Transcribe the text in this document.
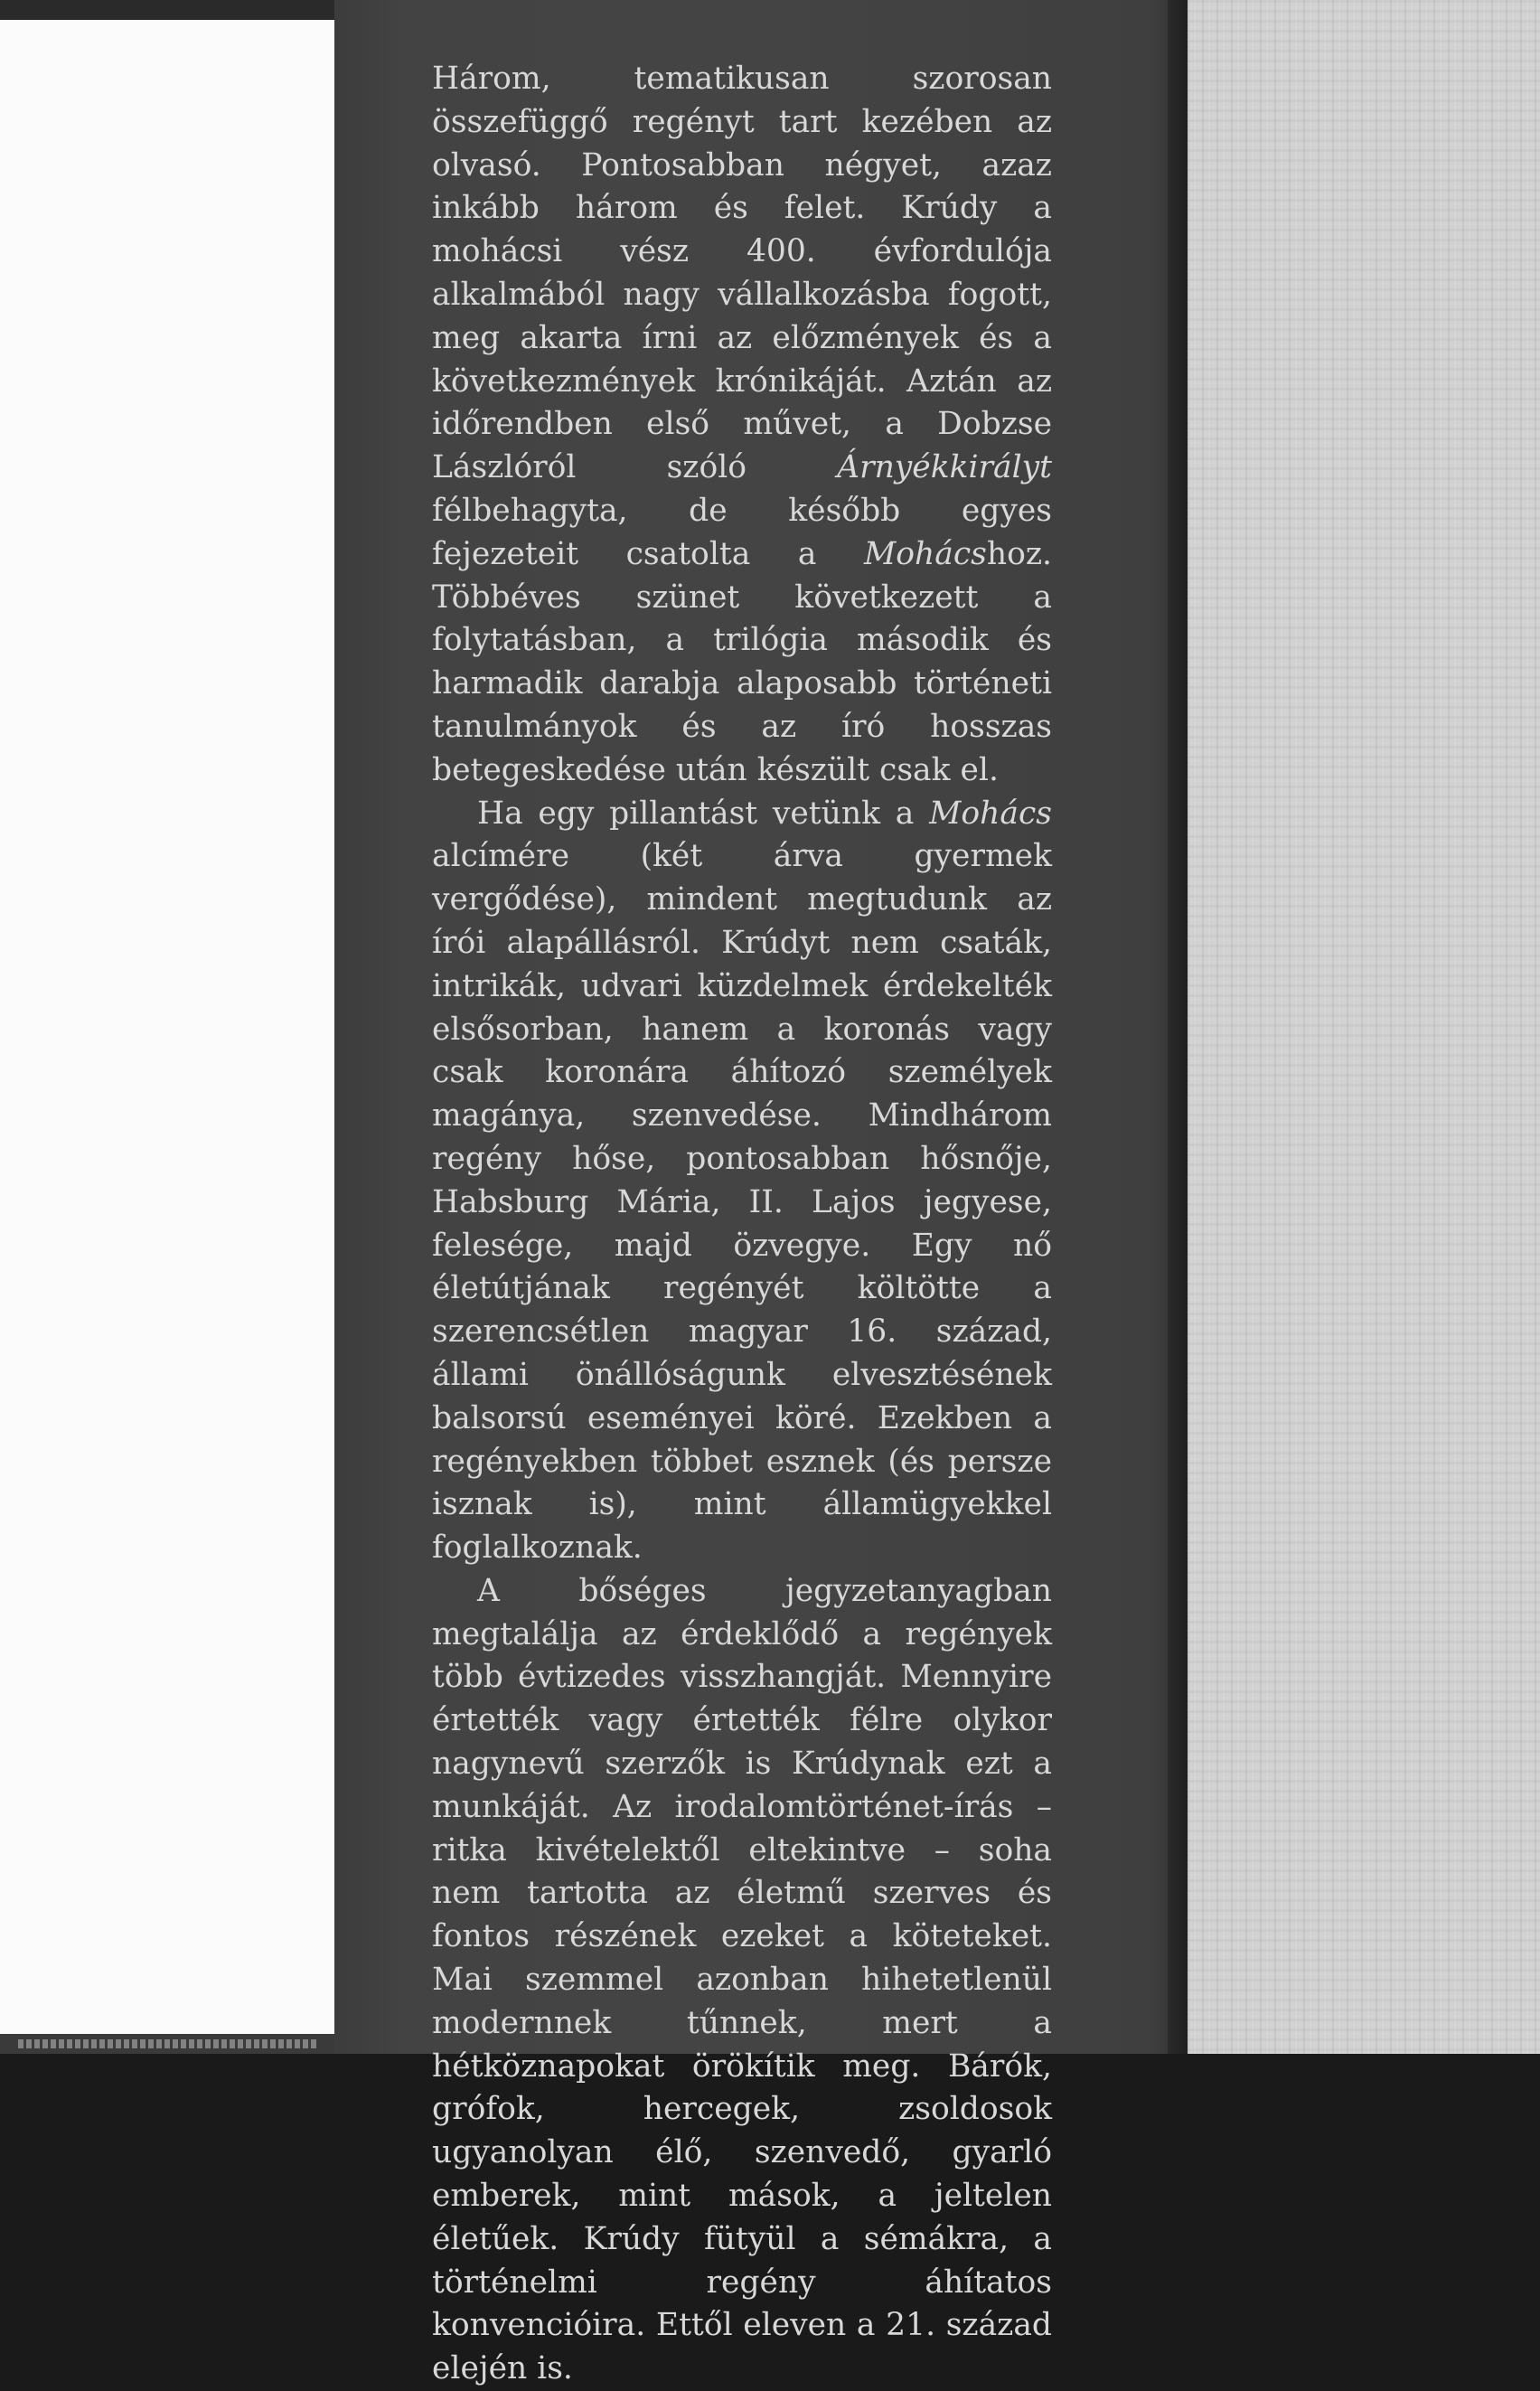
Három, tematikusan szorosan összefüggő regényt tart kezében az olvasó. Pontosabban négyet, azaz inkább három és felet. Krúdy a mohácsi vész 400. évfordulója alkalmából nagy vállalkozásba fogott, meg akarta írni az előzmények és a következmények krónikáját. Aztán az időrendben első művet, a Dobzse Lászlóról szóló Árnyékkirályt félbehagyta, de később egyes fejezeteit csatolta a Mohácshoz. Többéves szünet következett a folytatásban, a trilógia második és harmadik darabja alaposabb történeti tanulmányok és az író hosszas betegeskedése után készült csak el.

Ha egy pillantást vetünk a Mohács alcímére (két árva gyermek vergődése), mindent megtudunk az írói alapállásról. Krúdyt nem csaták, intrikák, udvari küzdelmek érdekelték elsősorban, hanem a koronás vagy csak koronára áhítozó személyek magánya, szenvedése. Mindhárom regény hőse, pontosabban hősnője, Habsburg Mária, II. Lajos jegyese, felesége, majd özvegye. Egy nő életútjának regényét költötte a szerencsétlen magyar 16. század, állami önállóságunk elvesztésének balsorsú eseményei köré. Ezekben a regényekben többet esznek (és persze isznak is), mint államügyekkel foglalkoznak.

A bőséges jegyzetanyagban megtalálja az érdeklődő a regények több évtizedes visszhangját. Mennyire értették vagy értették félre olykor nagynevű szerzők is Krúdynak ezt a munkáját. Az irodalomtörténet-írás – ritka kivételektől eltekintve – soha nem tartotta az életmű szerves és fontos részének ezeket a köteteket. Mai szemmel azonban hihetetlenül modernnek tűnnek, mert a hétköznapokat örökítik meg. Bárók, grófok, hercegek, zsoldosok ugyanolyan élő, szenvedő, gyarló emberek, mint mások, a jeltelen életűek. Krúdy fütyül a sémákra, a történelmi regény áhítatos konvencióira. Ettől eleven a 21. század elején is.
